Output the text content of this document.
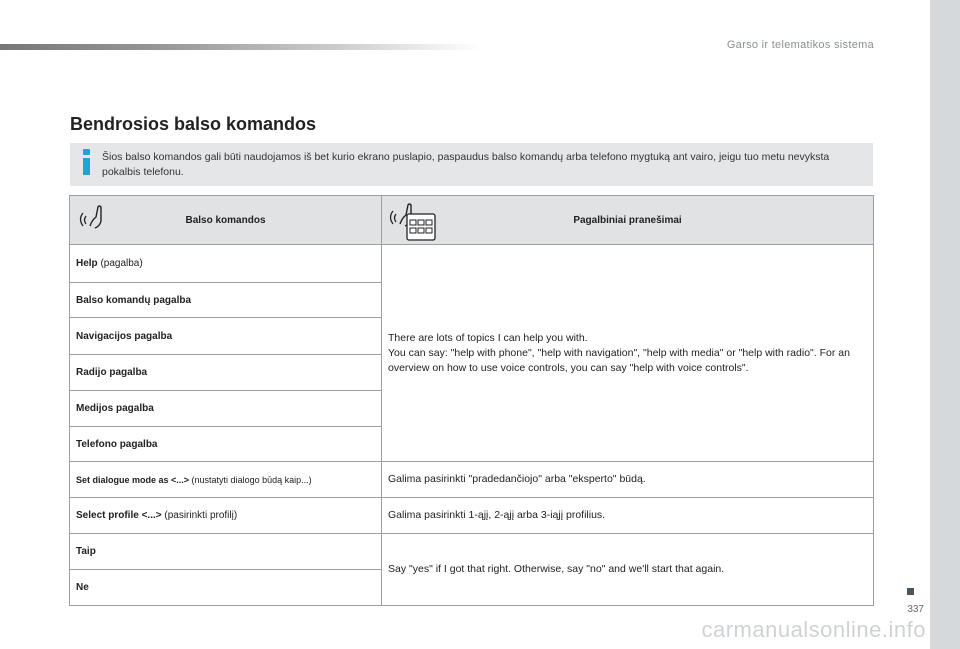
Garso ir telematikos sistema
337
carmanualsonline.info
Bendrosios balso komandos
Šios balso komandos gali būti naudojamos iš bet kurio ekrano puslapio, paspaudus balso komandų arba telefono mygtuką ant vairo, jeigu tuo metu nevyksta pokalbis telefonu.
Balso komandos	Pagalbiniai pranešimai

Help (pagalba)	There are lots of topics I can help you with.
You can say: "help with phone", "help with navigation", "help with media" or "help with radio". For an overview on how to use voice controls, you can say "help with voice controls".

Balso komandų pagalba	
Navigacijos pagalba	
Radijo pagalba	
Medijos pagalba	
Telefono pagalba	
Set dialogue mode as <...> (nustatyti dialogo būdą kaip...)	Galima pasirinkti "pradedančiojo" arba "eksperto" būdą.
Select profile <...> (pasirinkti profilį)	Galima pasirinkti 1-ąjį, 2-ąjį arba 3-iąjį profilius.
Taip	Say "yes" if I got that right. Otherwise, say "no" and we'll start that again.
Ne	
